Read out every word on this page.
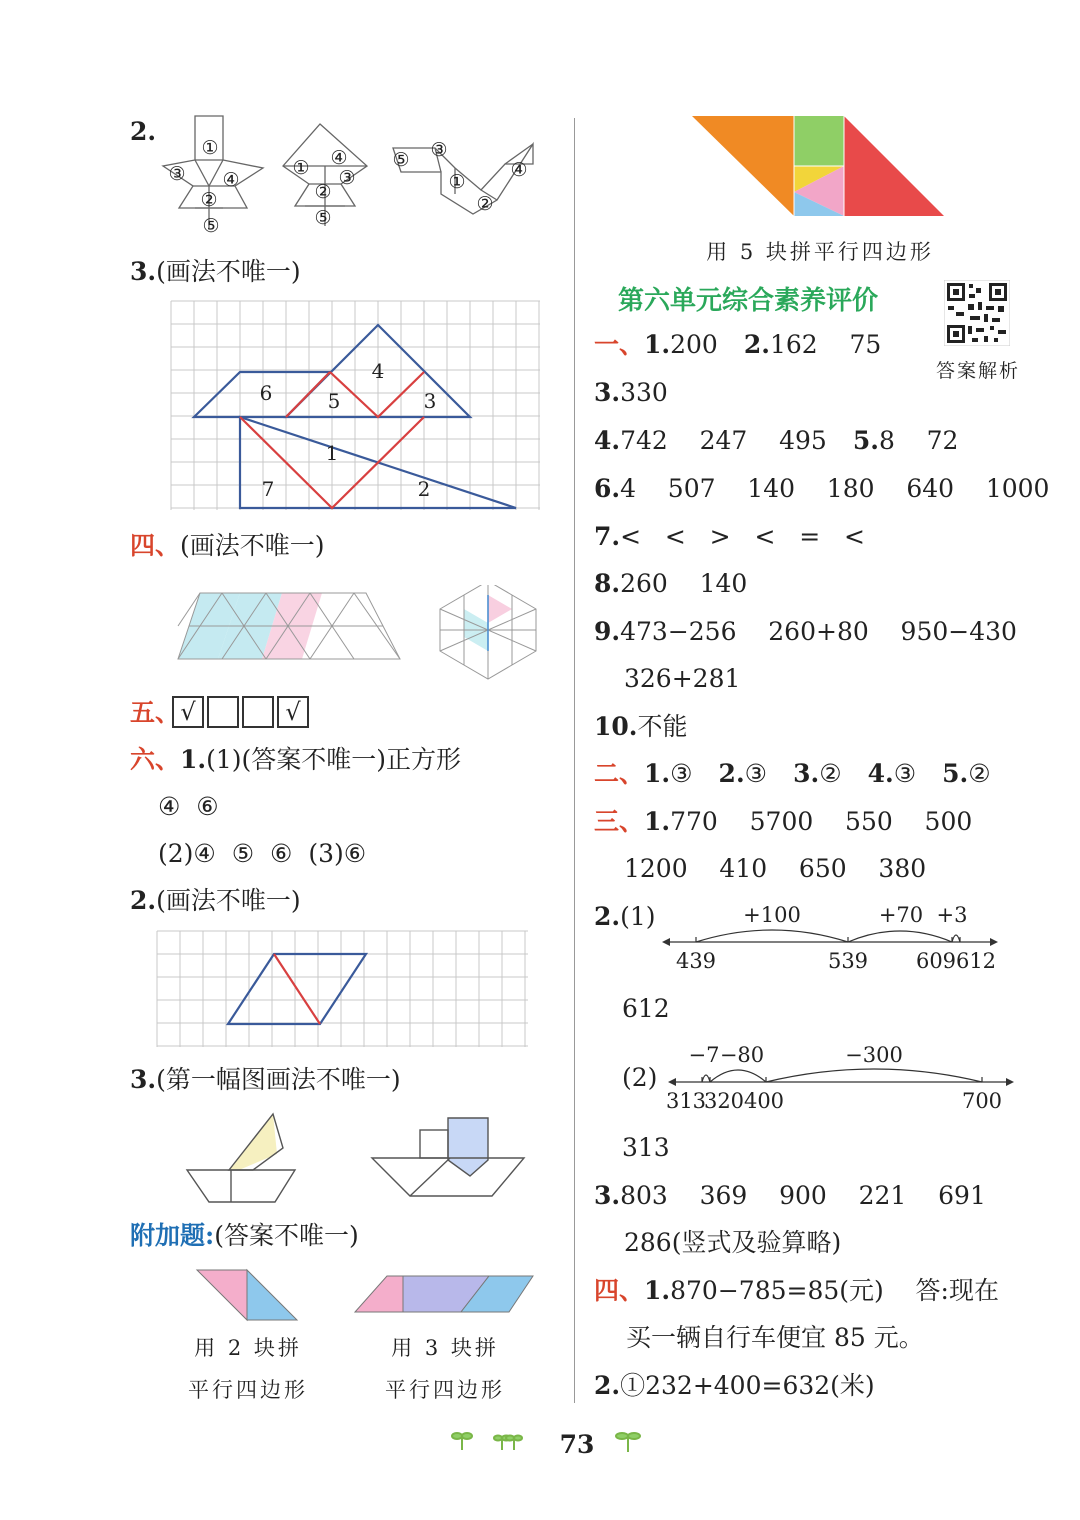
2.
①
③ ④
②
⑤
① ④
③
②
⑤
⑤ ③
①
②
④
3.(画法不唯一)
6
4
5	3
1
7	2
四、(画法不唯一)
五、 √	√
六、1.(1)(答案不唯一)正方形
④  ⑥
(2)④  ⑤  ⑥  (3)⑥
2.(画法不唯一)
3.(第一幅图画法不唯一)
附加题:(答案不唯一)
用 2 块拼
平行四边形
用 3 块拼
平行四边形
用 5 块拼平行四边形
第六单元综合素养评价
答案解析
一、1.200 2.162    75
3.330
4.742    247    495 5.8    72
6.4    507    140    180    640    1000
7.<   <   >   <   =   <
8.260    140
9.473−256    260+80    950−430
326+281
10.不能
二、1.③ 2.③ 3.② 4.③ 5.②
三、1.770    5700    550    500
1200    410    650    380
2.(1)	+100	+70 +3
439	539 609 612
612
(2)
−7 −80	−300
313
320 400	700
313
3.803    369    900    221    691
286(竖式及验算略)
四、1.870−785=85(元)    答:现在
买一辆自行车便宜 85 元。
2.①232+400=632(米)
73
